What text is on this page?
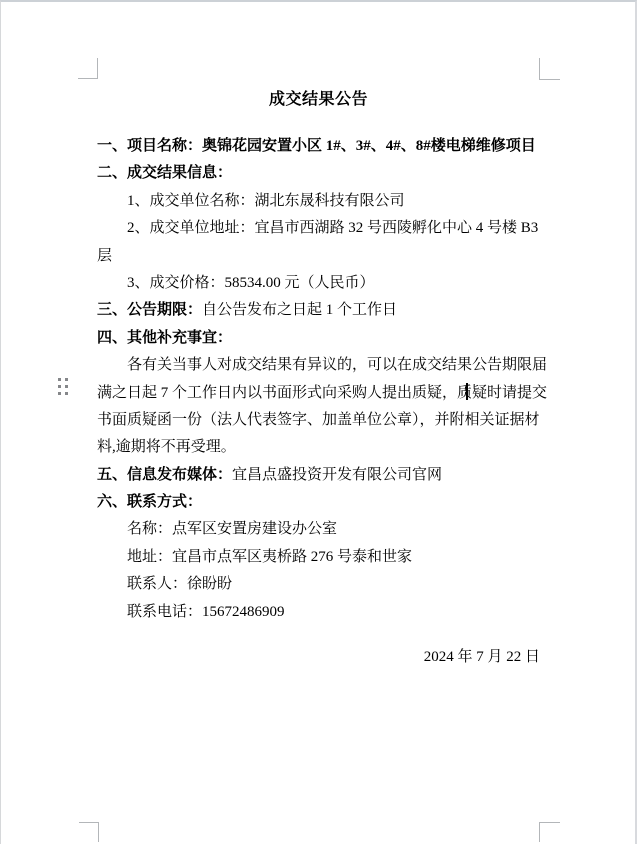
成交结果公告
一、项目名称：奥锦花园安置小区 1#、3#、4#、8#楼电梯维修项目
二、成交结果信息：
1、成交单位名称：湖北东晟科技有限公司
2、成交单位地址：宜昌市西湖路 32 号西陵孵化中心 4 号楼 B3
层
3、成交价格：58534.00 元（人民币）
三、公告期限：自公告发布之日起 1 个工作日
四、其他补充事宜：
各有关当事人对成交结果有异议的，可以在成交结果公告期限届
满之日起 7 个工作日内以书面形式向采购人提出质疑，质疑时请提交
书面质疑函一份（法人代表签字、加盖单位公章），并附相关证据材
料,逾期将不再受理。
五、信息发布媒体：宜昌点盛投资开发有限公司官网
六、联系方式：
名称：点军区安置房建设办公室
地址：宜昌市点军区夷桥路 276 号泰和世家
联系人：徐盼盼
联系电话：15672486909
2024 年 7 月 22 日
